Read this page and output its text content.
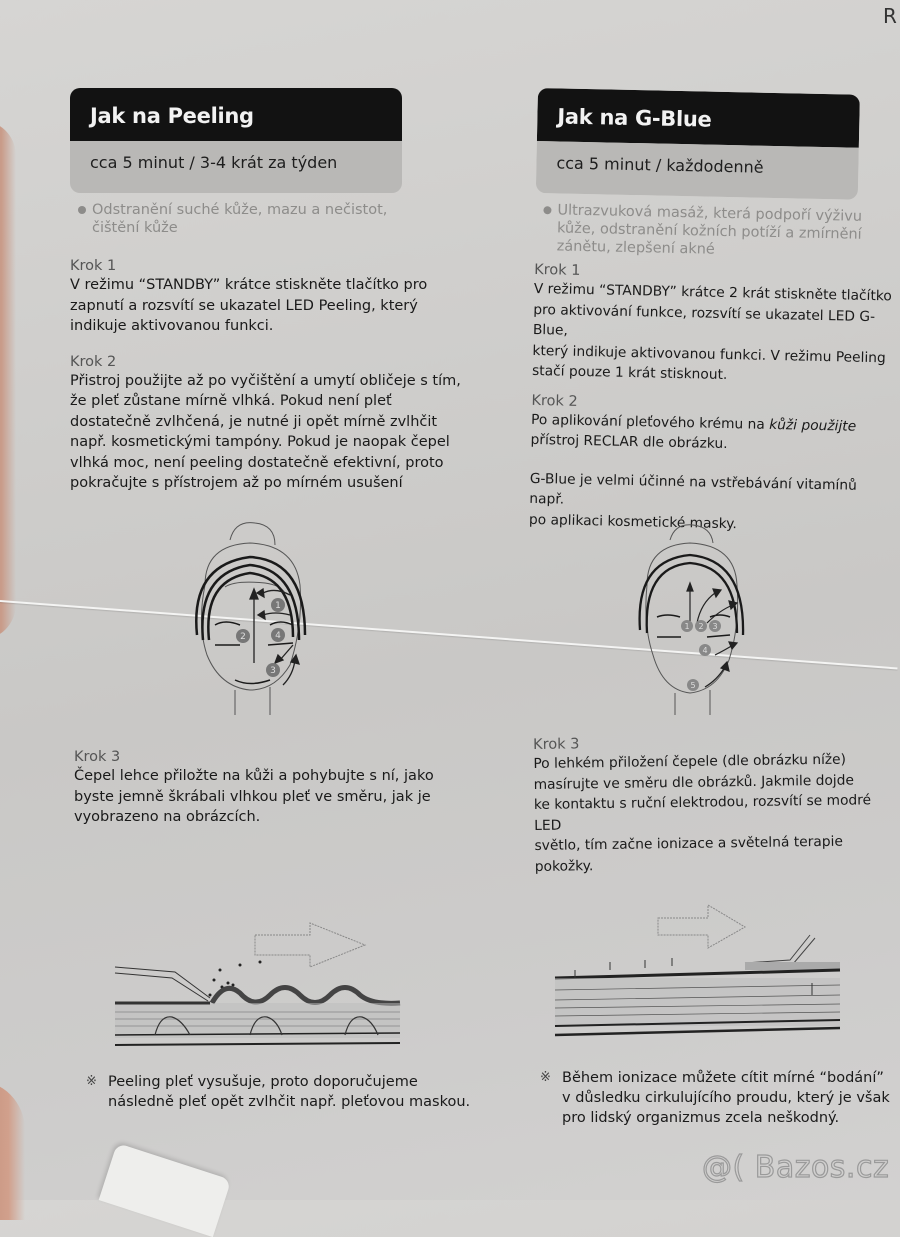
R
Jak na Peeling
cca 5 minut / 3-4 krát za týden
Odstranění suché kůže, mazu a nečistot, čištění kůže
Krok 1
V režimu “STANDBY” krátce stiskněte tlačítko pro
zapnutí a rozsvítí se ukazatel LED Peeling, který
indikuje aktivovanou funkci.
Krok 2
Přistroj použijte až po vyčištění a umytí obličeje s tím,
že pleť zůstane mírně vlhká. Pokud není pleť
dostatečně zvlhčená, je nutné ji opět mírně zvlhčit
např. kosmetickými tampóny. Pokud je naopak čepel
vlhká moc, není peeling dostatečně efektivní, proto
pokračujte s přístrojem až po mírném usušení
1
2
3
4
Krok 3
Čepel lehce přiložte na kůži a pohybujte s ní, jako
byste jemně škrábali vlhkou pleť ve směru, jak je
vyobrazeno na obrázcích.
※ Peeling pleť vysušuje, proto doporučujeme
následně pleť opět zvlhčit např. pleťovou maskou.
Jak na G-Blue
cca 5 minut / každodenně
Ultrazvuková masáž, která podpoří výživu kůže, odstranění kožních potíží a zmírnění zánětu, zlepšení akné
Krok 1
V režimu “STANDBY” krátce 2 krát stiskněte tlačítko
pro aktivování funkce, rozsvítí se ukazatel LED G-Blue,
který indikuje aktivovanou funkci. V režimu Peeling
stačí pouze 1 krát stisknout.
Krok 2
Po aplikování pleťového krému na kůži použijte
přístroj RECLAR dle obrázku.
G-Blue je velmi účinné na vstřebávání vitamínů např.
po aplikaci kosmetické masky.
1 2 3
4
5
Krok 3
Po lehkém přiložení čepele (dle obrázku níže)
masírujte ve směru dle obrázků. Jakmile dojde
ke kontaktu s ruční elektrodou, rozsvítí se modré LED
světlo, tím začne ionizace a světelná terapie pokožky.
※ Během ionizace můžete cítit mírné “bodání”
v důsledku cirkulujícího proudu, který je však
pro lidský organizmus zcela neškodný.
@( Bazos.cz
